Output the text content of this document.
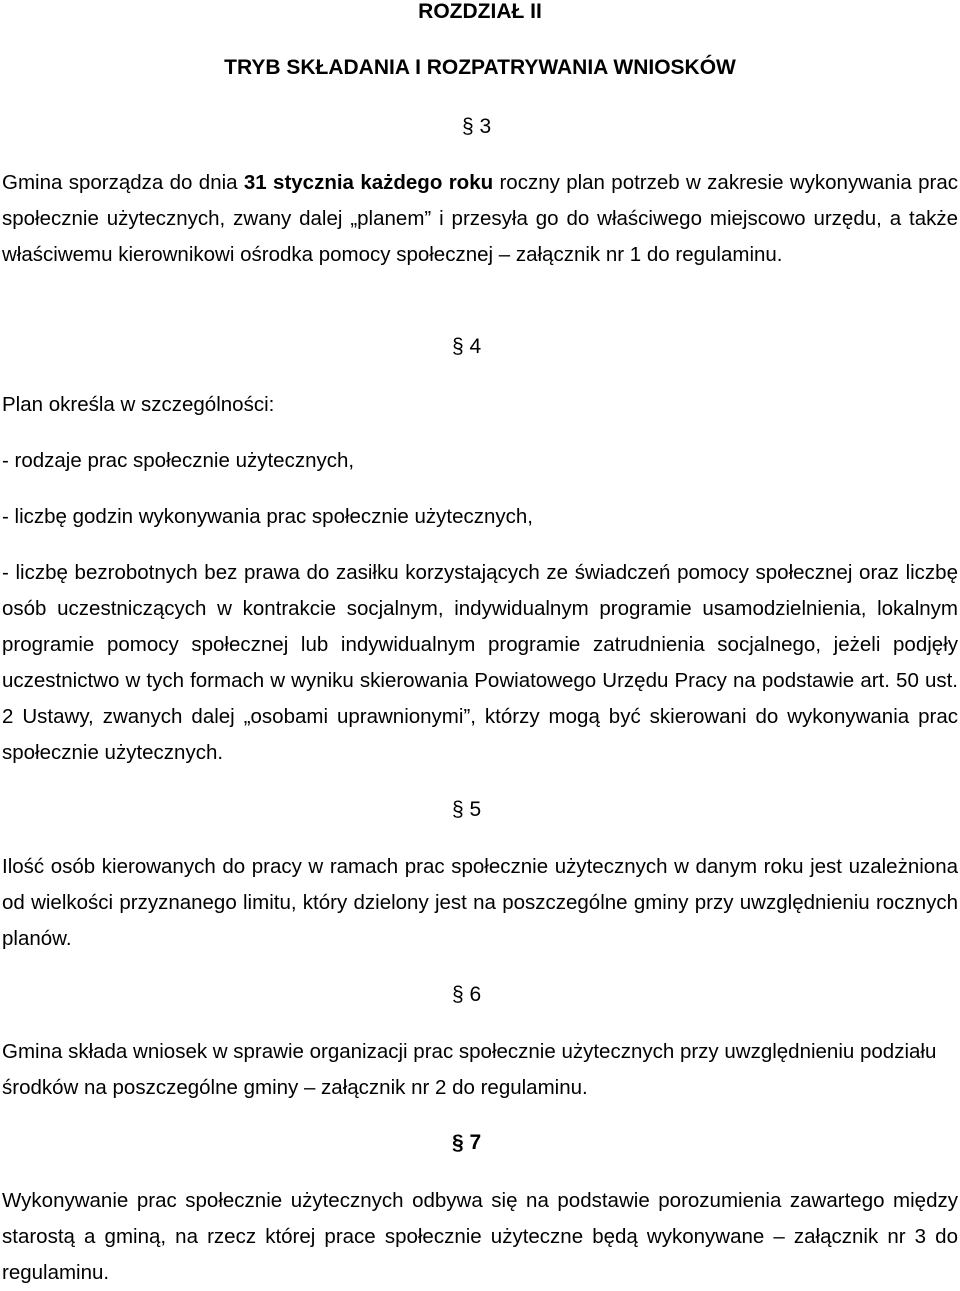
ROZDZIAŁ II
TRYB SKŁADANIA I ROZPATRYWANIA WNIOSKÓW
§ 3

Gmina sporządza do dnia 31 stycznia każdego roku roczny plan potrzeb w zakresie wykonywania prac społecznie użytecznych, zwany dalej „planem” i przesyła go do właściwego miejscowo urzędu, a także właściwemu kierownikowi ośrodka pomocy społecznej – załącznik nr 1 do regulaminu.

§ 4
Plan określa w szczególności:
- rodzaje prac społecznie użytecznych,
- liczbę godzin wykonywania prac społecznie użytecznych,

- liczbę bezrobotnych bez prawa do zasiłku korzystających ze świadczeń pomocy społecznej oraz liczbę osób uczestniczących w kontrakcie socjalnym, indywidualnym programie usamodzielnienia, lokalnym programie pomocy społecznej lub indywidualnym programie zatrudnienia socjalnego, jeżeli podjęły uczestnictwo w tych formach w wyniku skierowania Powiatowego Urzędu Pracy na podstawie art. 50 ust. 2 Ustawy, zwanych dalej „osobami uprawnionymi”, którzy mogą być skierowani do wykonywania prac społecznie użytecznych.

§ 5

Ilość osób kierowanych do pracy w ramach prac społecznie użytecznych w danym roku jest uzależniona od wielkości przyznanego limitu, który dzielony jest na poszczególne gminy przy uwzględnieniu rocznych planów.

§ 6

Gmina składa wniosek w sprawie organizacji prac społecznie użytecznych przy uwzględnieniu podziału środków na poszczególne gminy – załącznik nr 2 do regulaminu.

§ 7

Wykonywanie prac społecznie użytecznych odbywa się na podstawie porozumienia zawartego między starostą a gminą, na rzecz której prace społecznie użyteczne będą wykonywane – załącznik nr 3 do regulaminu.
